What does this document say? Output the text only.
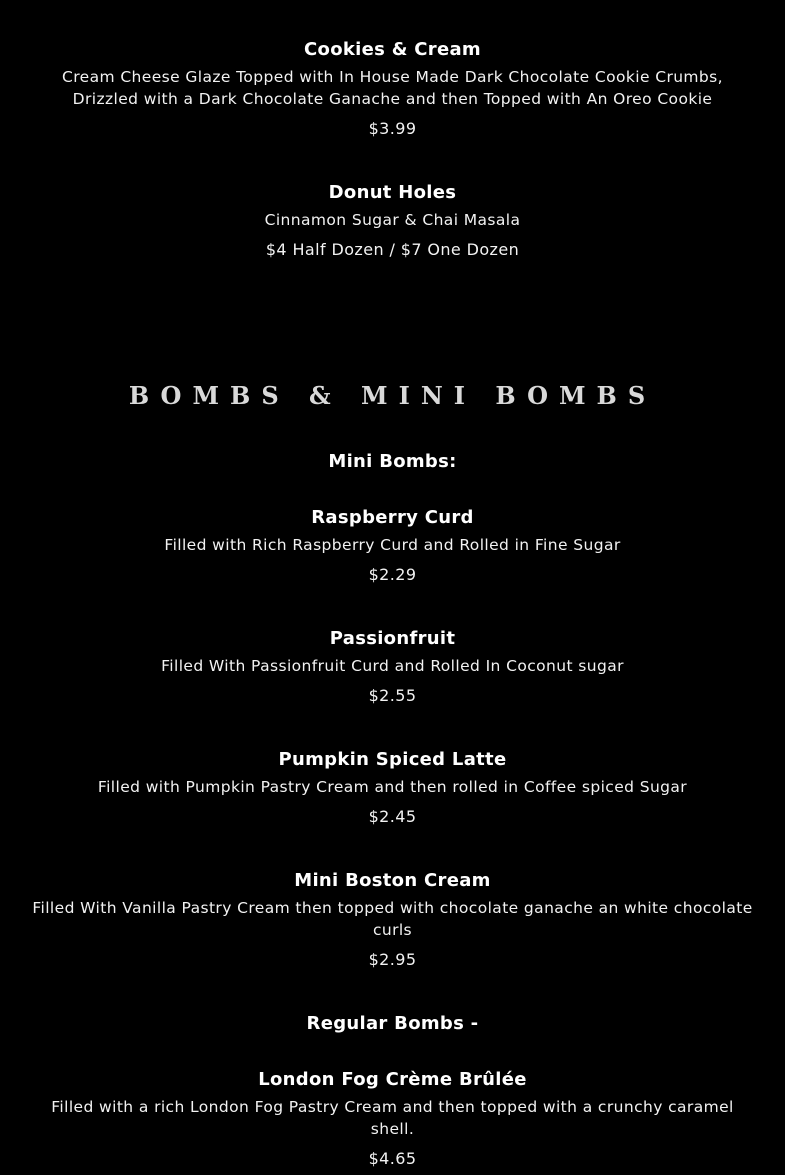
Cookies & Cream

Cream Cheese Glaze Topped with In House Made Dark Chocolate Cookie Crumbs, Drizzled with a Dark Chocolate Ganache and then Topped with An Oreo Cookie

$3.99

Donut Holes

Cinnamon Sugar & Chai Masala

$4 Half Dozen / $7 One Dozen

BOMBS & MINI BOMBS
Mini Bombs:

Raspberry Curd

Filled with Rich Raspberry Curd and Rolled in Fine Sugar

$2.29

Passionfruit

Filled With Passionfruit Curd and Rolled In Coconut sugar

$2.55

Pumpkin Spiced Latte

Filled with Pumpkin Pastry Cream and then rolled in Coffee spiced Sugar

$2.45

Mini Boston Cream

Filled With Vanilla Pastry Cream then topped with chocolate ganache an white chocolate curls

$2.95

Regular Bombs -

London Fog Crème Brûlée

Filled with a rich London Fog Pastry Cream and then topped with a crunchy caramel shell.

$4.65
